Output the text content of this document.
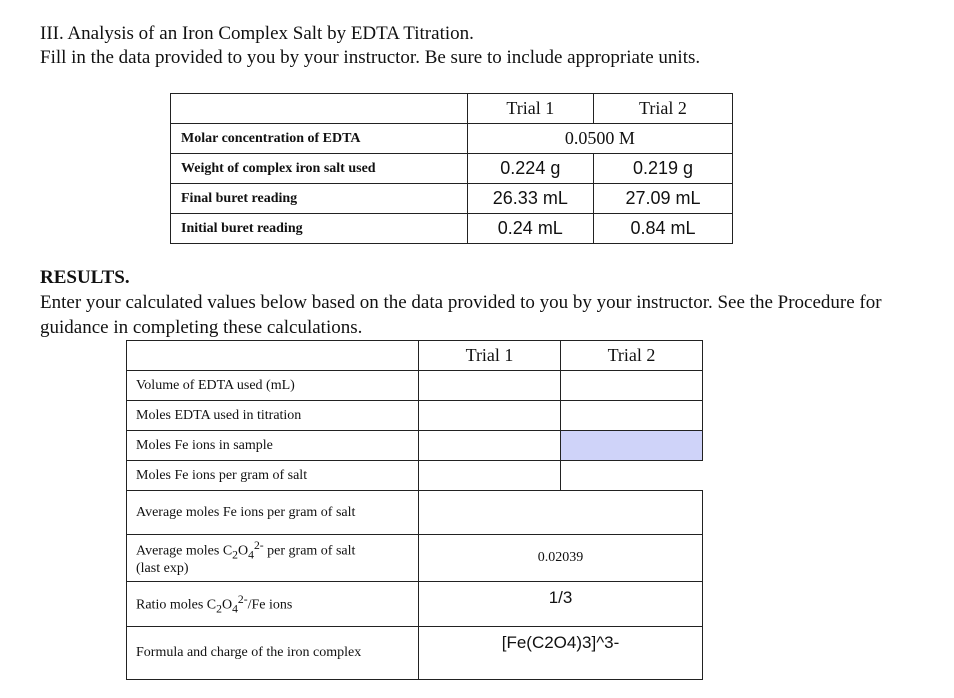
III. Analysis of an Iron Complex Salt by EDTA Titration.
Fill in the data provided to you by your instructor. Be sure to include appropriate units.
	Trial 1	Trial 2
Molar concentration of EDTA	0.0500 M	
Weight of complex iron salt used	0.224 g	0.219 g
Final buret reading	26.33 mL	27.09 mL
Initial buret reading	0.24 mL	0.84 mL
RESULTS.
Enter your calculated values below based on the data provided to you by your instructor. See the Procedure for guidance in completing these calculations.
	Trial 1	Trial 2
Volume of EDTA used (mL)		
Moles EDTA used in titration		
Moles Fe ions in sample		
Moles Fe ions per gram of salt		
Average moles Fe ions per gram of salt		
Average moles $C_2O_4^{2-}$ per gram of salt
(last exp)	0.02039	
Ratio moles $C_2O_4^{2-}/Fe$ ions	1/3	
Formula and charge of the iron complex	[Fe(C2O4)3]^3-	
